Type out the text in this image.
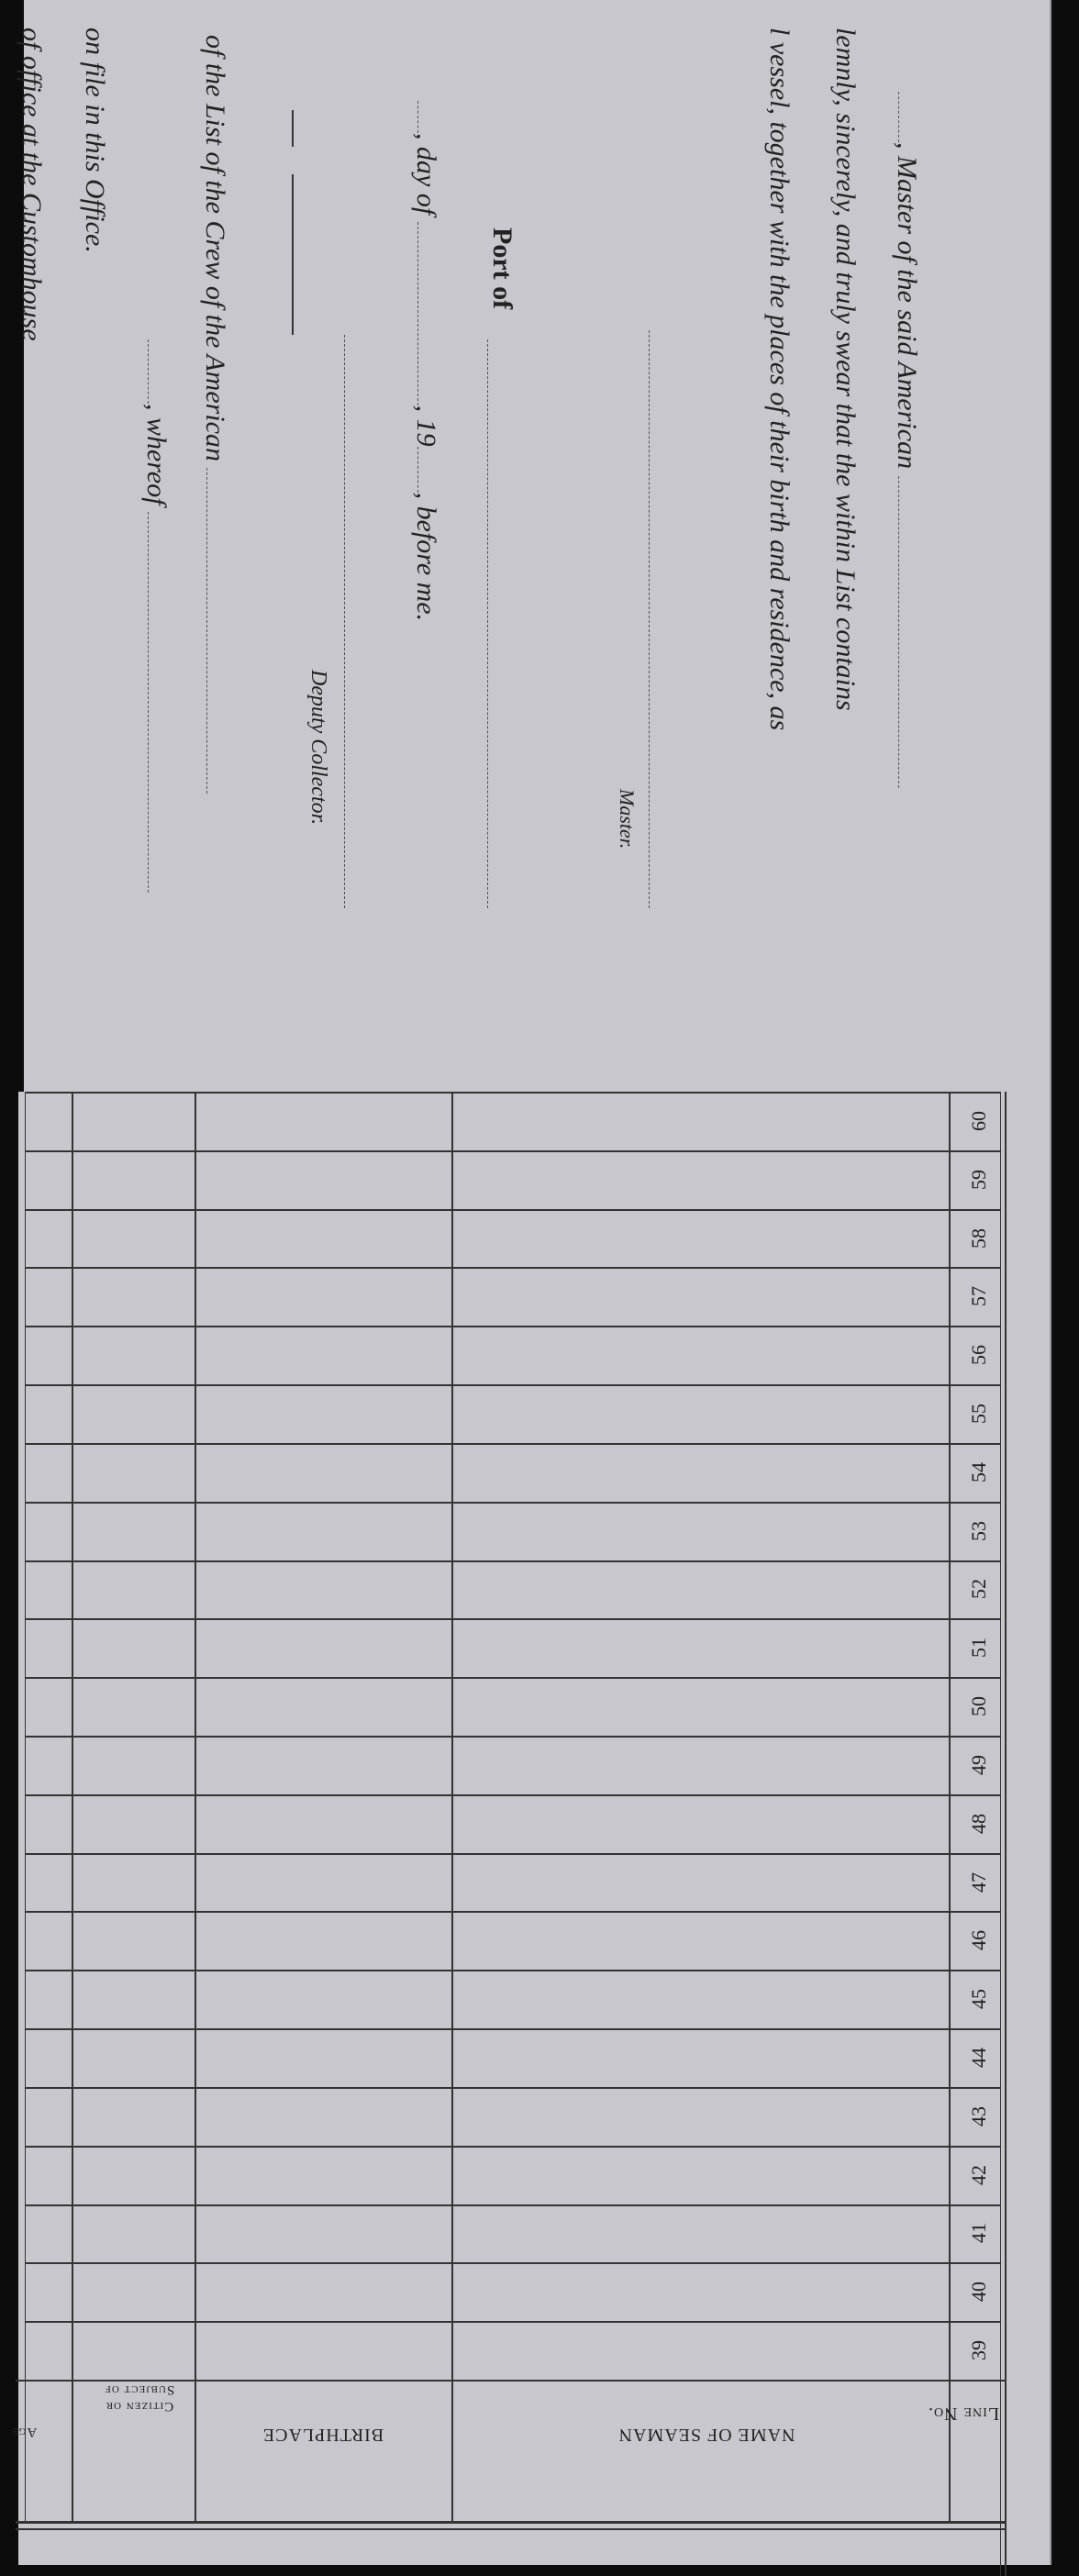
, Master of the said American
lemnly, sincerely, and truly swear that the within List contains
l vessel, together with the places of their birth and residence, as
Master.
Port of
, day of , 19, before me.
Deputy Collector.
of the List of the Crew of the American
, whereof
on file in this Office.
of office at the Customhouse
60
59
58
57
56
55
54
53
52
51
50
49
48
47
46
45
44
43
42
41
40
39
NAME OF SEAMAN
BIRTHPLACE
Citizen or Subject of
Age
Line No.
